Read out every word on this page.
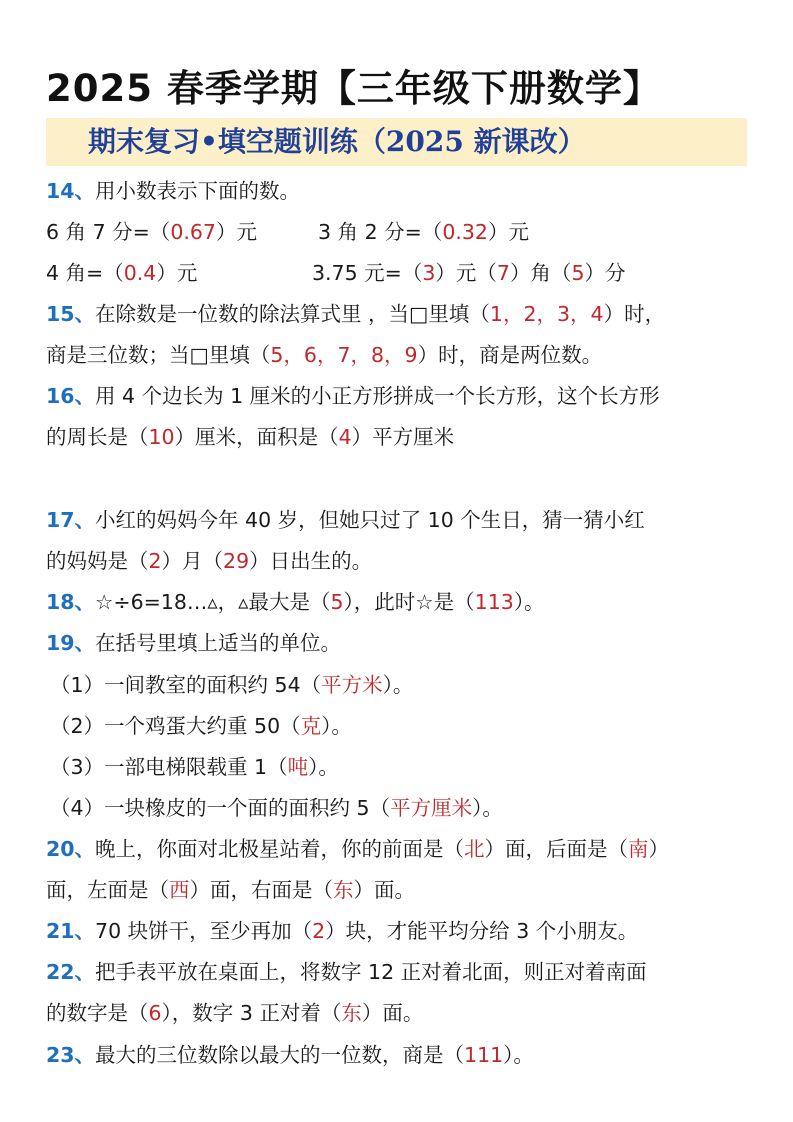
2025 春季学期【三年级下册数学】
期末复习•填空题训练（2025 新课改）
14、用小数表示下面的数。
6 角 7 分=（0.67）元	3 角 2 分=（0.32）元
4 角=（0.4）元	3.75 元=（3）元（7）角（5）分
15、在除数是一位数的除法算式里 ，当□里填（1，2，3，4）时，
商是三位数；当□里填（5，6，7，8，9）时，商是两位数。
16、用 4 个边长为 1 厘米的小正方形拼成一个长方形，这个长方形
的周长是（10）厘米，面积是（4）平方厘米
17、小红的妈妈今年 40 岁，但她只过了 10 个生日，猜一猜小红
的妈妈是（2）月（29）日出生的。
18、☆÷6=18…▵，▵最大是（5），此时☆是（113）。
19、在括号里填上适当的单位。
（1）一间教室的面积约 54（平方米）。
（2）一个鸡蛋大约重 50（克）。
（3）一部电梯限载重 1（吨）。
（4）一块橡皮的一个面的面积约 5（平方厘米）。
20、晚上，你面对北极星站着，你的前面是（北）面，后面是（南）
面，左面是（西）面，右面是（东）面。
21、70 块饼干，至少再加（2）块，才能平均分给 3 个小朋友。
22、把手表平放在桌面上，将数字 12 正对着北面，则正对着南面
的数字是（6），数字 3 正对着（东）面。
23、最大的三位数除以最大的一位数，商是（111）。
